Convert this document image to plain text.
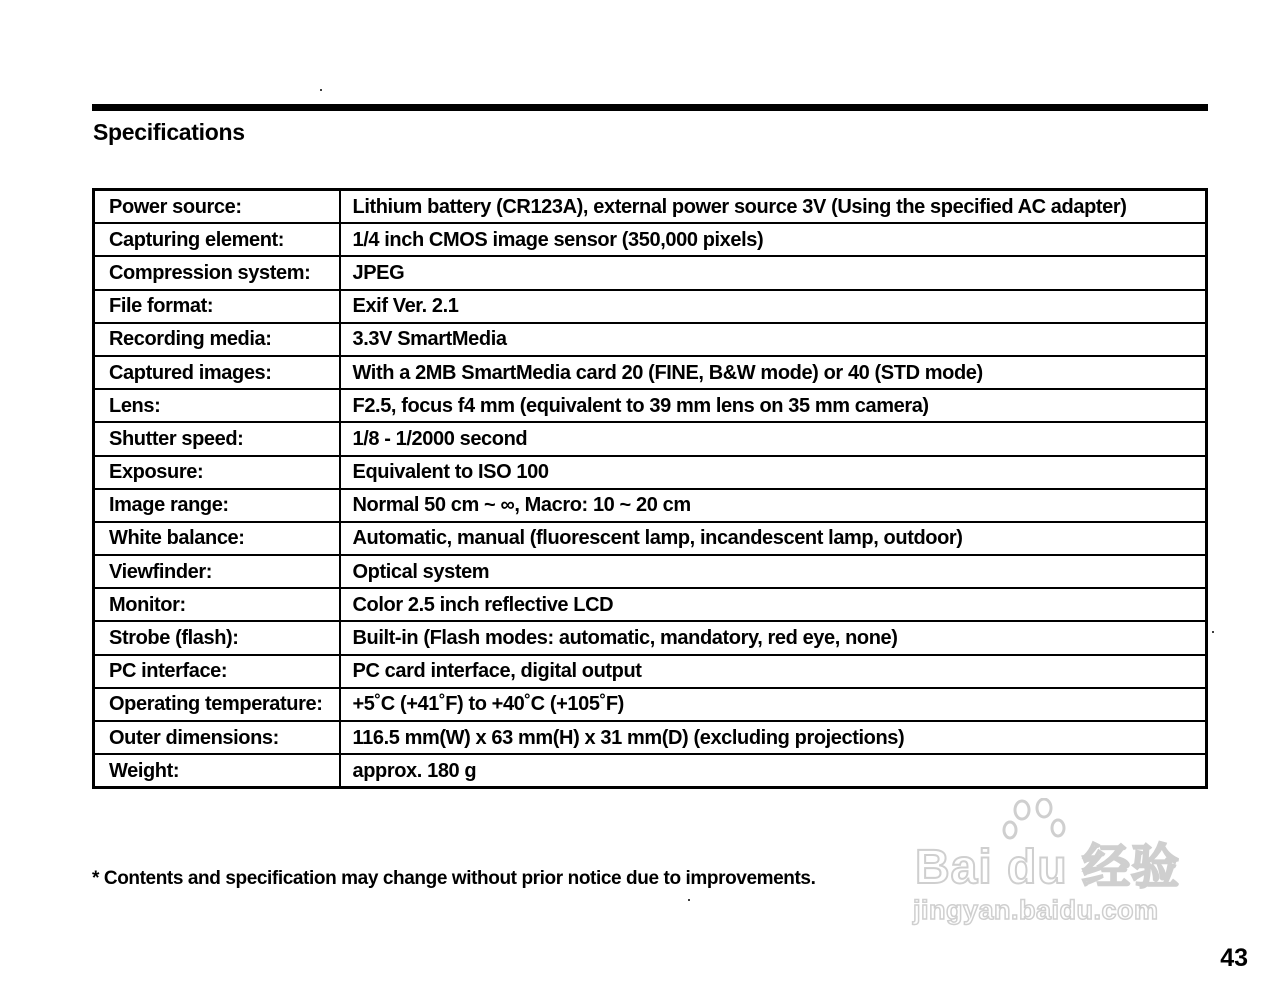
Specifications
Power source:	Lithium battery (CR123A), external power source 3V (Using the specified AC adapter)
Capturing element:	1/4 inch CMOS image sensor (350,000 pixels)
Compression system:	JPEG
File format:	Exif Ver. 2.1
Recording media:	3.3V SmartMedia
Captured images:	With a 2MB SmartMedia card 20 (FINE, B&W mode) or 40 (STD mode)
Lens:	F2.5, focus f4 mm (equivalent to 39 mm lens on 35 mm camera)
Shutter speed:	1/8 - 1/2000 second
Exposure:	Equivalent to ISO 100
Image range:	Normal 50 cm ~ ∞, Macro: 10 ~ 20 cm
White balance:	Automatic, manual (fluorescent lamp, incandescent lamp, outdoor)
Viewfinder:	Optical system
Monitor:	Color 2.5 inch reflective LCD
Strobe (flash):	Built-in (Flash modes: automatic, mandatory, red eye, none)
PC interface:	PC card interface, digital output
Operating temperature:	+5˚C (+41˚F) to +40˚C (+105˚F)
Outer dimensions:	116.5 mm(W) x 63 mm(H) x 31 mm(D) (excluding projections)
Weight:	approx. 180 g

* Contents and specification may change without prior notice due to improvements.

43

Bai du 经验
jingyan.baidu.com
